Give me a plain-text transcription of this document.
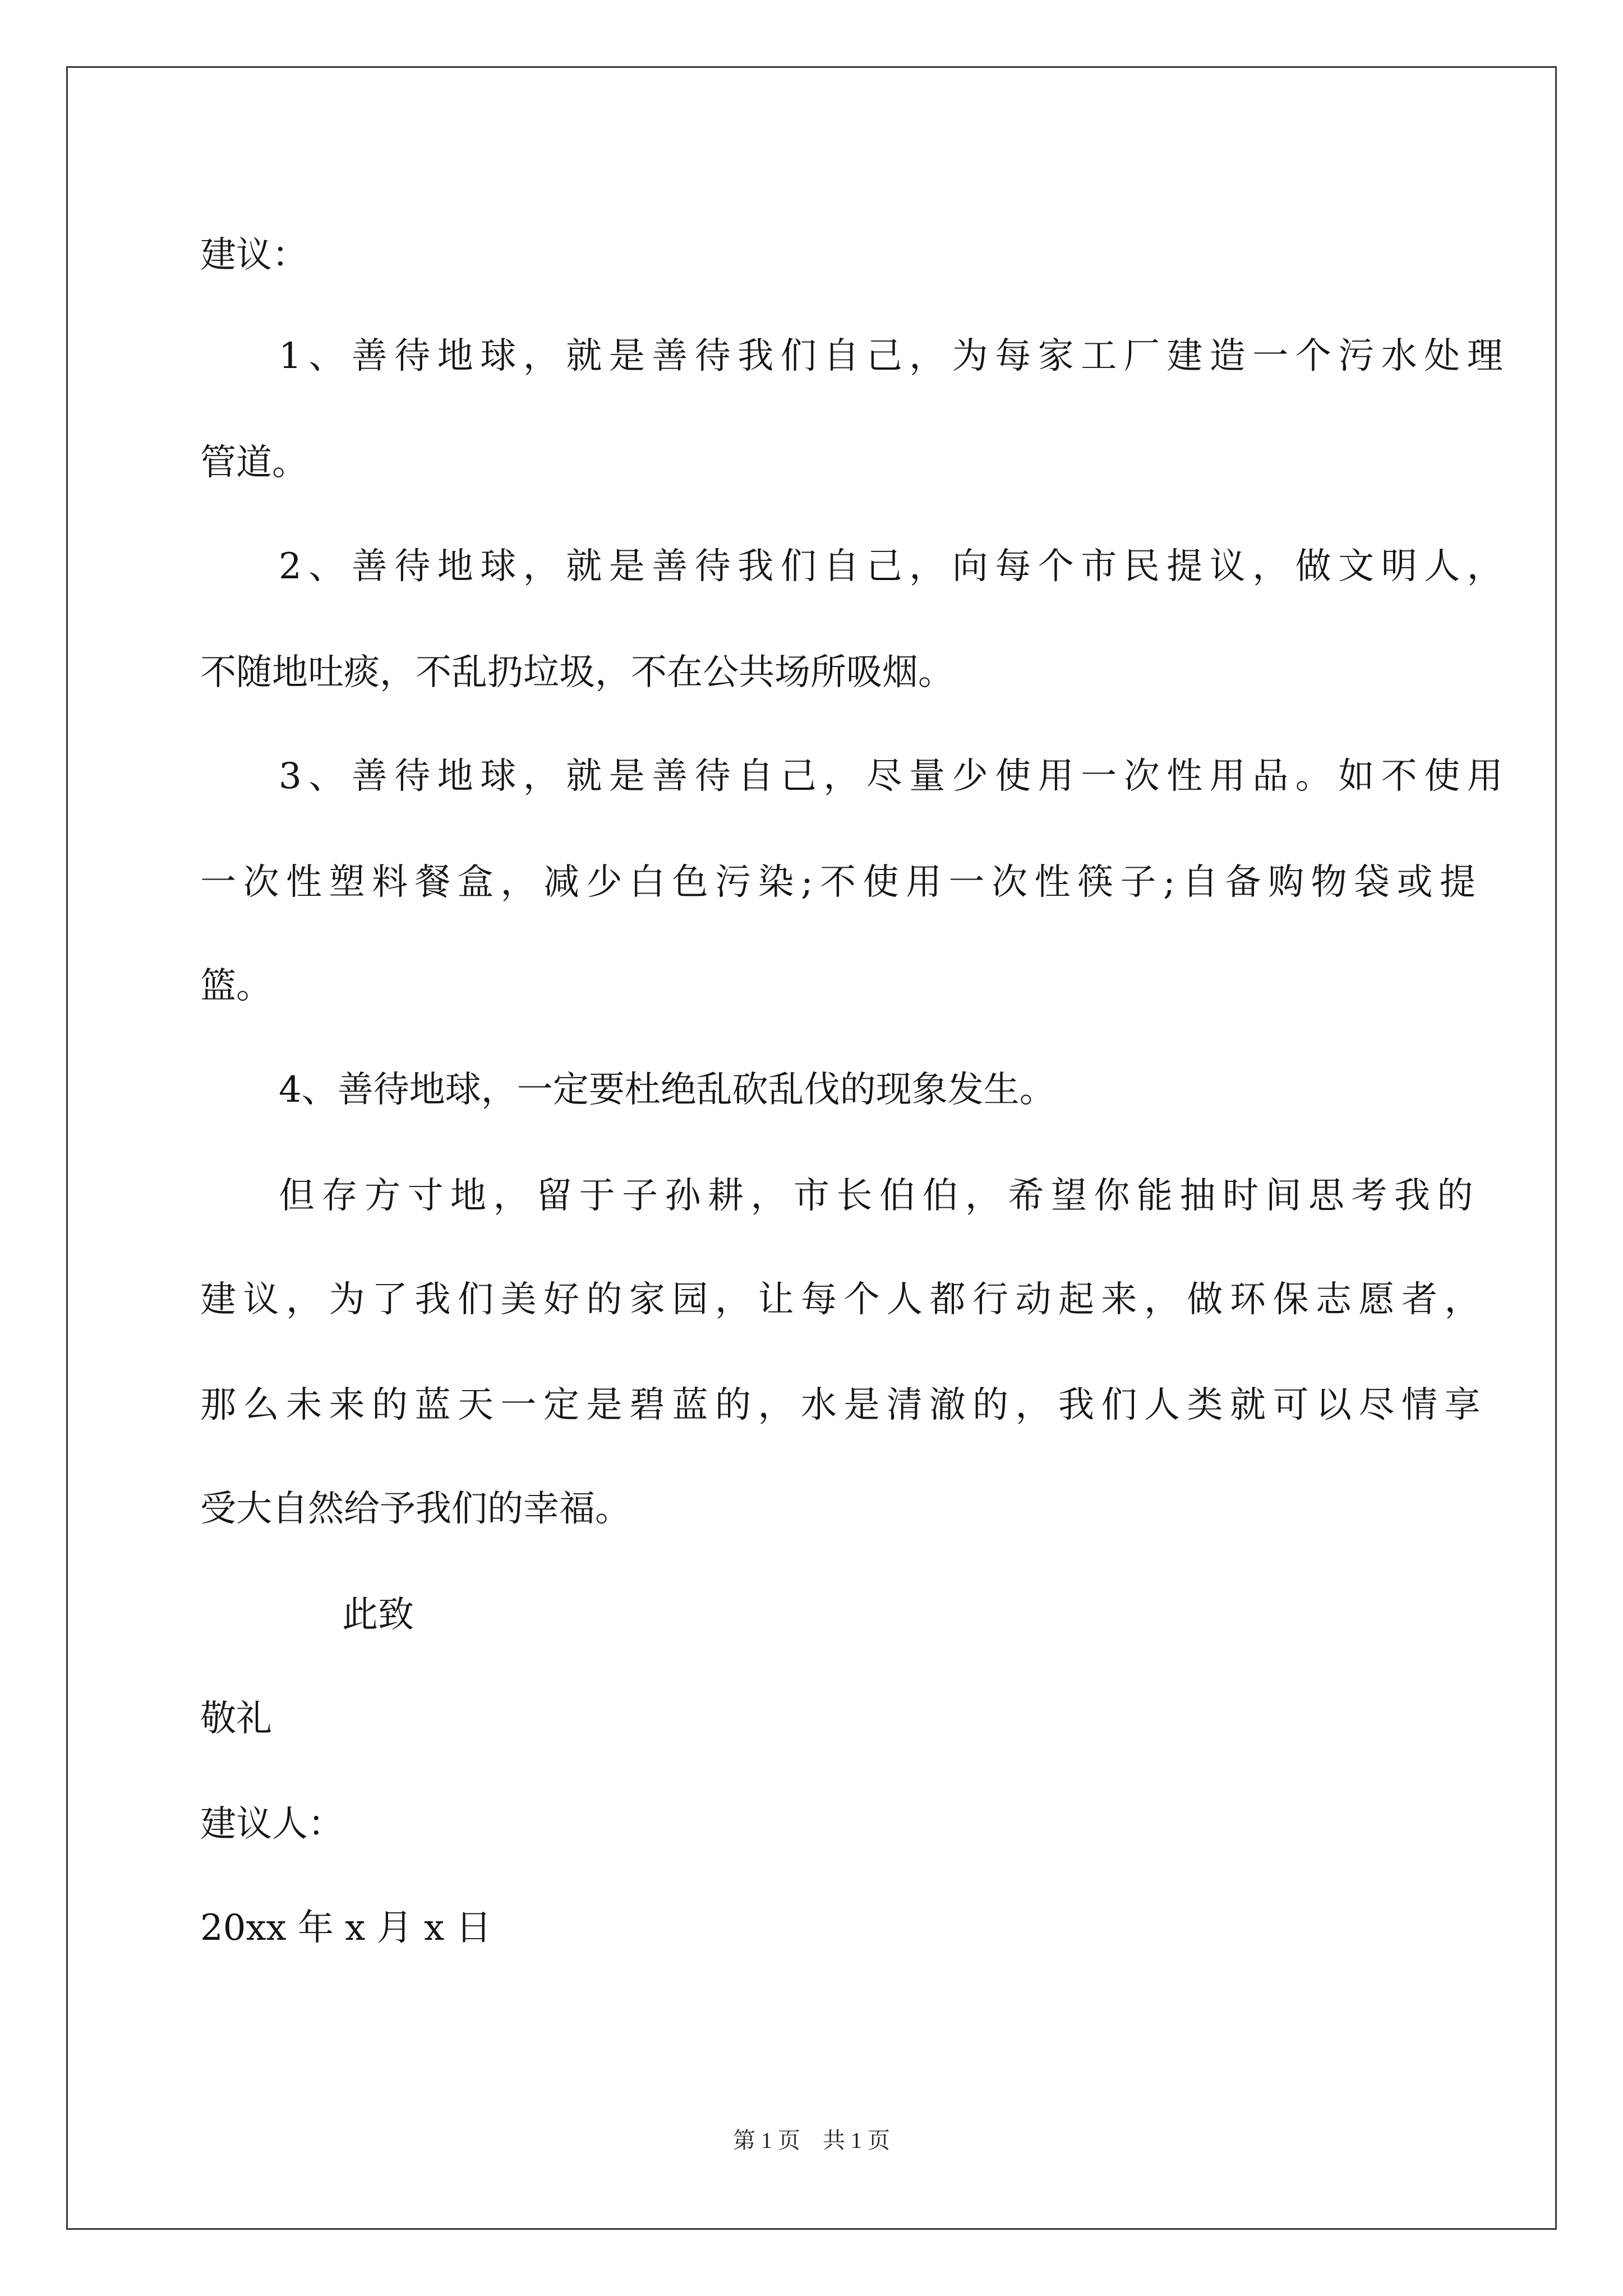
建议：

1、善待地球，就是善待我们自己，为每家工厂建造一个污水处理

管道。

2、善待地球，就是善待我们自己，向每个市民提议，做文明人，

不随地吐痰，不乱扔垃圾，不在公共场所吸烟。

3、善待地球，就是善待自己，尽量少使用一次性用品。如不使用

一次性塑料餐盒，减少白色污染;不使用一次性筷子;自备购物袋或提

篮。

4、善待地球，一定要杜绝乱砍乱伐的现象发生。

但存方寸地，留于子孙耕，市长伯伯，希望你能抽时间思考我的

建议，为了我们美好的家园，让每个人都行动起来，做环保志愿者，

那么未来的蓝天一定是碧蓝的，水是清澈的，我们人类就可以尽情享

受大自然给予我们的幸福。

此致

敬礼

建议人：

20xx 年 x 月 x 日

第 1 页　共 1 页
